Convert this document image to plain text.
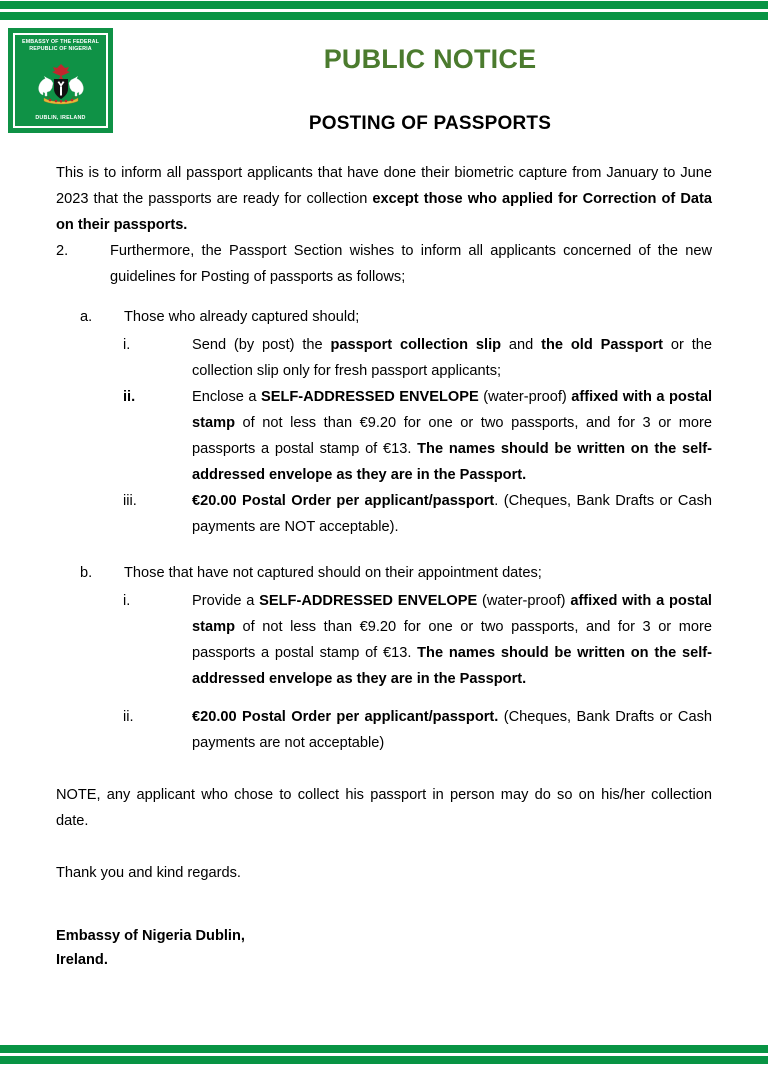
EMBASSY OF THE FEDERAL REPUBLIC OF NIGERIA
DUBLIN, IRELAND
PUBLIC NOTICE
POSTING OF PASSPORTS

This is to inform all passport applicants that have done their biometric capture from January to June 2023 that the passports are ready for collection except those who applied for Correction of Data on their passports.

2.	Furthermore, the Passport Section wishes to inform all applicants concerned of the new guidelines for Posting of passports as follows;
a. Those who already captured should;
i.	Send (by post) the passport collection slip and the old Passport or the collection slip only for fresh passport applicants;
ii.	Enclose a SELF-ADDRESSED ENVELOPE (water-proof) affixed with a postal stamp of not less than €9.20 for one or two passports, and for 3 or more passports a postal stamp of €13. The names should be written on the self-addressed envelope as they are in the Passport.
iii.	€20.00 Postal Order per applicant/passport. (Cheques, Bank Drafts or Cash payments are NOT acceptable).
b. Those that have not captured should on their appointment dates;
i.	Provide a SELF-ADDRESSED ENVELOPE (water-proof) affixed with a postal stamp of not less than €9.20 for one or two passports, and for 3 or more passports a postal stamp of €13. The names should be written on the self-addressed envelope as they are in the Passport.
ii.	€20.00 Postal Order per applicant/passport. (Cheques, Bank Drafts or Cash payments are not acceptable)

NOTE, any applicant who chose to collect his passport in person may do so on his/her collection date.

Thank you and kind regards.

Embassy of Nigeria Dublin,
Ireland.
